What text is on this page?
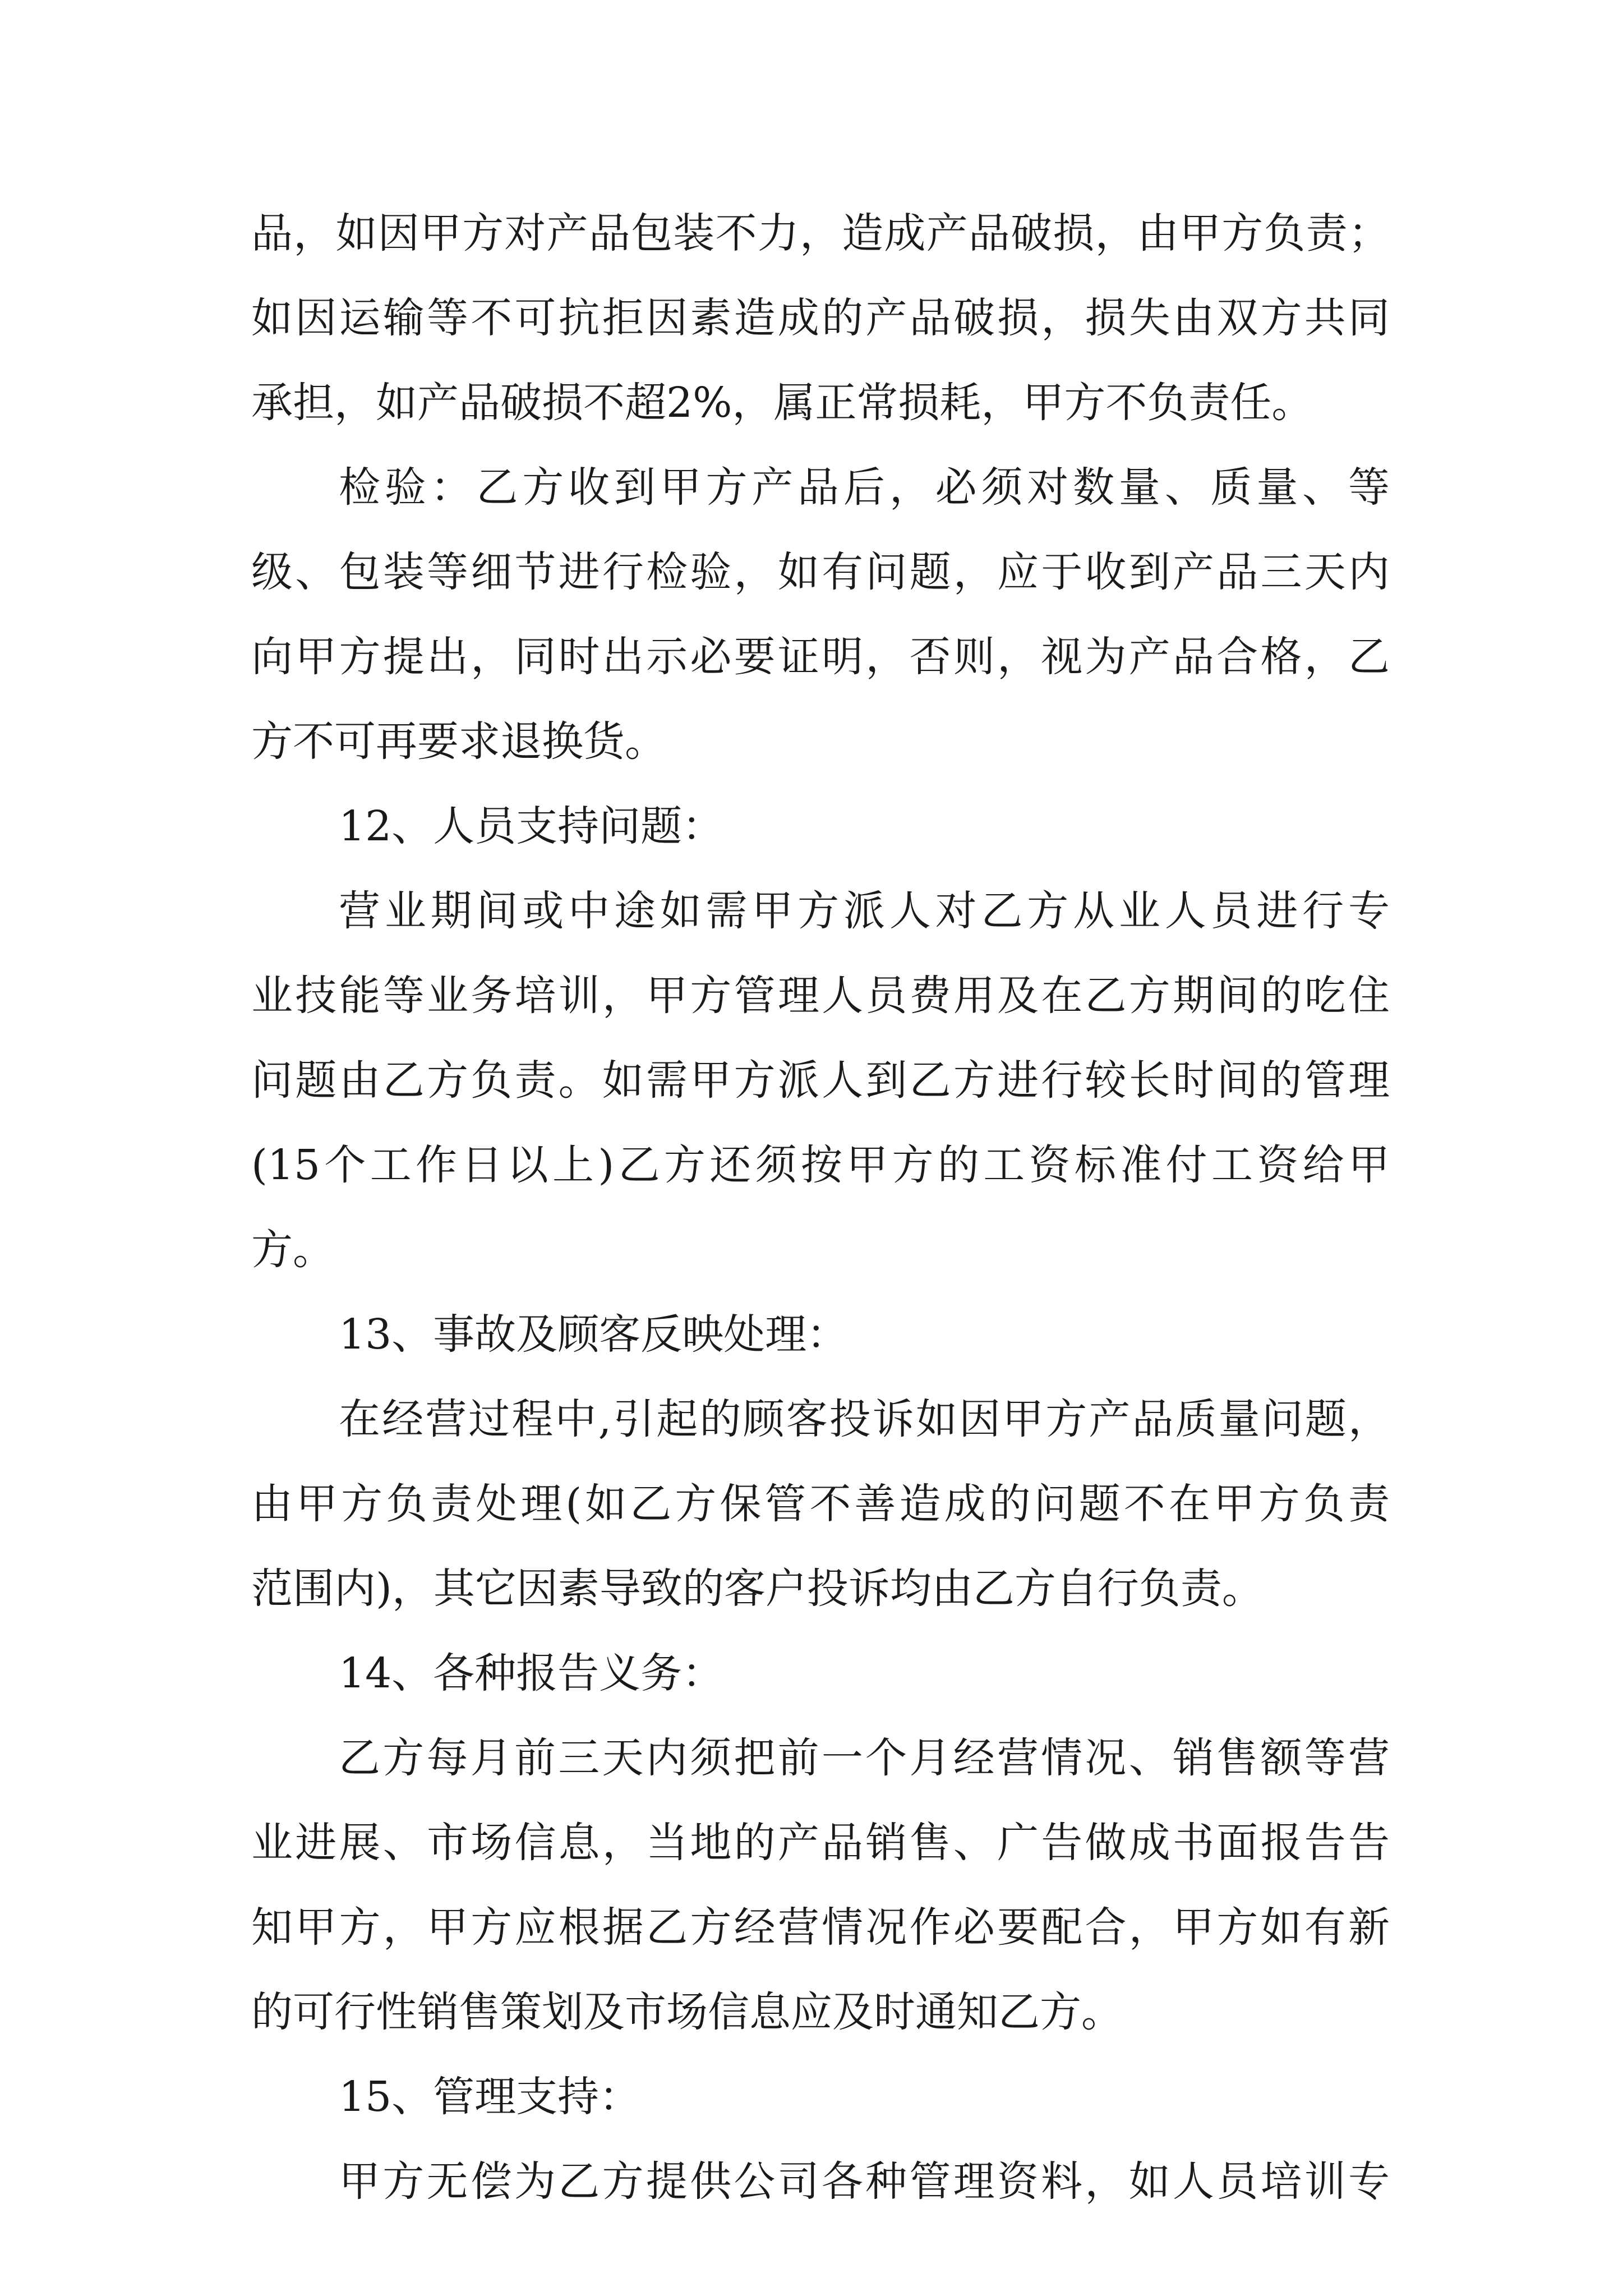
品，如因甲方对产品包装不力，造成产品破损，由甲方负责；
如因运输等不可抗拒因素造成的产品破损，损失由双方共同
承担，如产品破损不超2%，属正常损耗，甲方不负责任。
检验：乙方收到甲方产品后，必须对数量、质量、等
级、包装等细节进行检验，如有问题，应于收到产品三天内
向甲方提出，同时出示必要证明，否则，视为产品合格，乙
方不可再要求退换货。
12、人员支持问题：
营业期间或中途如需甲方派人对乙方从业人员进行专
业技能等业务培训，甲方管理人员费用及在乙方期间的吃住
问题由乙方负责。如需甲方派人到乙方进行较长时间的管理
(15个工作日以上)乙方还须按甲方的工资标准付工资给甲
方。
13、事故及顾客反映处理：
在经营过程中,引起的顾客投诉如因甲方产品质量问题，
由甲方负责处理(如乙方保管不善造成的问题不在甲方负责
范围内)，其它因素导致的客户投诉均由乙方自行负责。
14、各种报告义务：
乙方每月前三天内须把前一个月经营情况、销售额等营
业进展、市场信息，当地的产品销售、广告做成书面报告告
知甲方，甲方应根据乙方经营情况作必要配合，甲方如有新
的可行性销售策划及市场信息应及时通知乙方。
15、管理支持：
甲方无偿为乙方提供公司各种管理资料，如人员培训专
